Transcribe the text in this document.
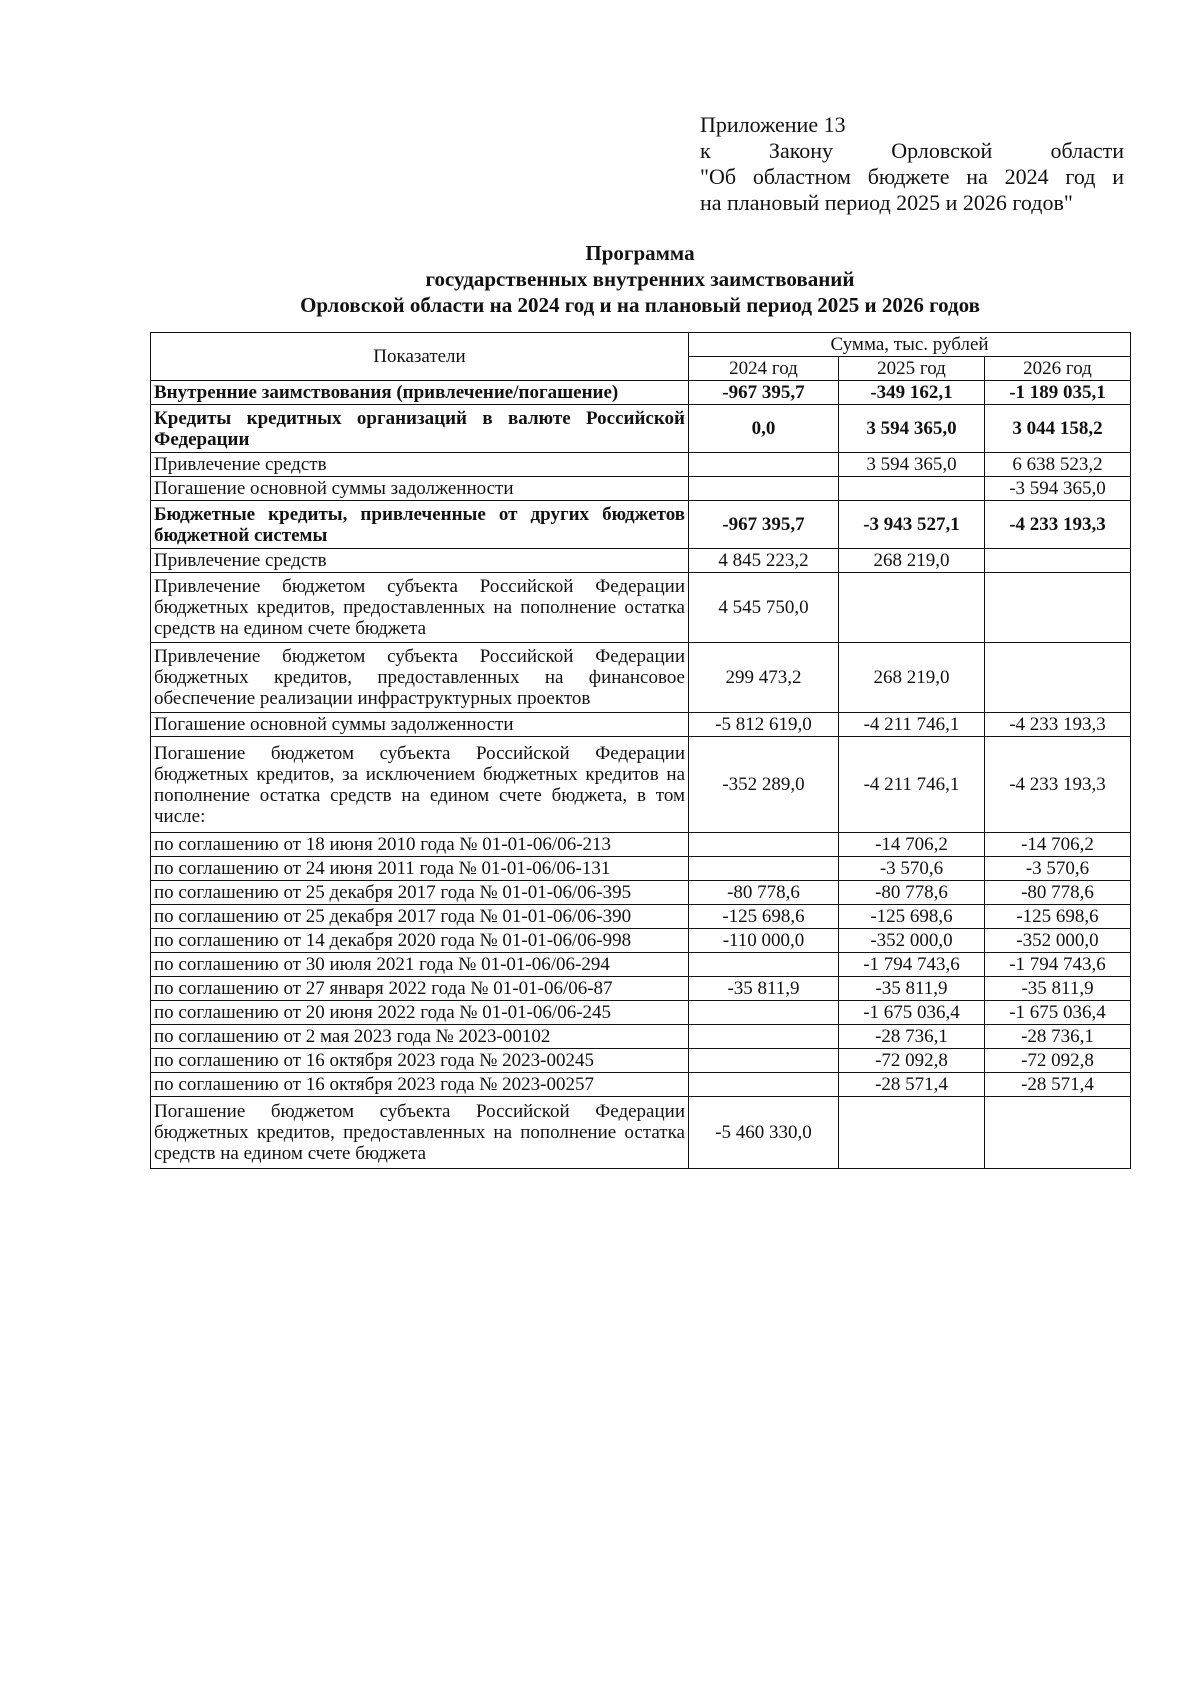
Приложение 13
к Закону Орловской области
"Об областном бюджете на 2024 год и
на плановый период 2025 и 2026 годов"
Программа
государственных внутренних заимствований
Орловской области на 2024 год и на плановый период 2025 и 2026 годов
Показатели	Сумма, тыс. рублей		
	2024 год	2025 год	2026 год
Внутренние заимствования (привлечение/погашение)	-967 395,7	-349 162,1	-1 189 035,1
Кредиты кредитных организаций в валюте Российской Федерации	0,0	3 594 365,0	3 044 158,2
Привлечение средств		3 594 365,0	6 638 523,2
Погашение основной суммы задолженности			-3 594 365,0
Бюджетные кредиты, привлеченные от других бюджетов бюджетной системы	-967 395,7	-3 943 527,1	-4 233 193,3
Привлечение средств	4 845 223,2	268 219,0	
Привлечение бюджетом субъекта Российской Федерации бюджетных кредитов, предоставленных на пополнение остатка средств на едином счете бюджета	4 545 750,0		
Привлечение бюджетом субъекта Российской Федерации бюджетных кредитов, предоставленных на финансовое обеспечение реализации инфраструктурных проектов	299 473,2	268 219,0	
Погашение основной суммы задолженности	-5 812 619,0	-4 211 746,1	-4 233 193,3
Погашение бюджетом субъекта Российской Федерации бюджетных кредитов, за исключением бюджетных кредитов на пополнение остатка средств на едином счете бюджета, в том числе:	-352 289,0	-4 211 746,1	-4 233 193,3
по соглашению от 18 июня 2010 года № 01-01-06/06-213		-14 706,2	-14 706,2
по соглашению от 24 июня 2011 года № 01-01-06/06-131		-3 570,6	-3 570,6
по соглашению от 25 декабря 2017 года № 01-01-06/06-395	-80 778,6	-80 778,6	-80 778,6
по соглашению от 25 декабря 2017 года № 01-01-06/06-390	-125 698,6	-125 698,6	-125 698,6
по соглашению от 14 декабря 2020 года № 01-01-06/06-998	-110 000,0	-352 000,0	-352 000,0
по соглашению от 30 июля 2021 года № 01-01-06/06-294		-1 794 743,6	-1 794 743,6
по соглашению от 27 января 2022 года № 01-01-06/06-87	-35 811,9	-35 811,9	-35 811,9
по соглашению от 20 июня 2022 года № 01-01-06/06-245		-1 675 036,4	-1 675 036,4
по соглашению от 2 мая 2023 года № 2023-00102		-28 736,1	-28 736,1
по соглашению от 16 октября 2023 года № 2023-00245		-72 092,8	-72 092,8
по соглашению от 16 октября 2023 года № 2023-00257		-28 571,4	-28 571,4
Погашение бюджетом субъекта Российской Федерации бюджетных кредитов, предоставленных на пополнение остатка средств на едином счете бюджета	-5 460 330,0		
